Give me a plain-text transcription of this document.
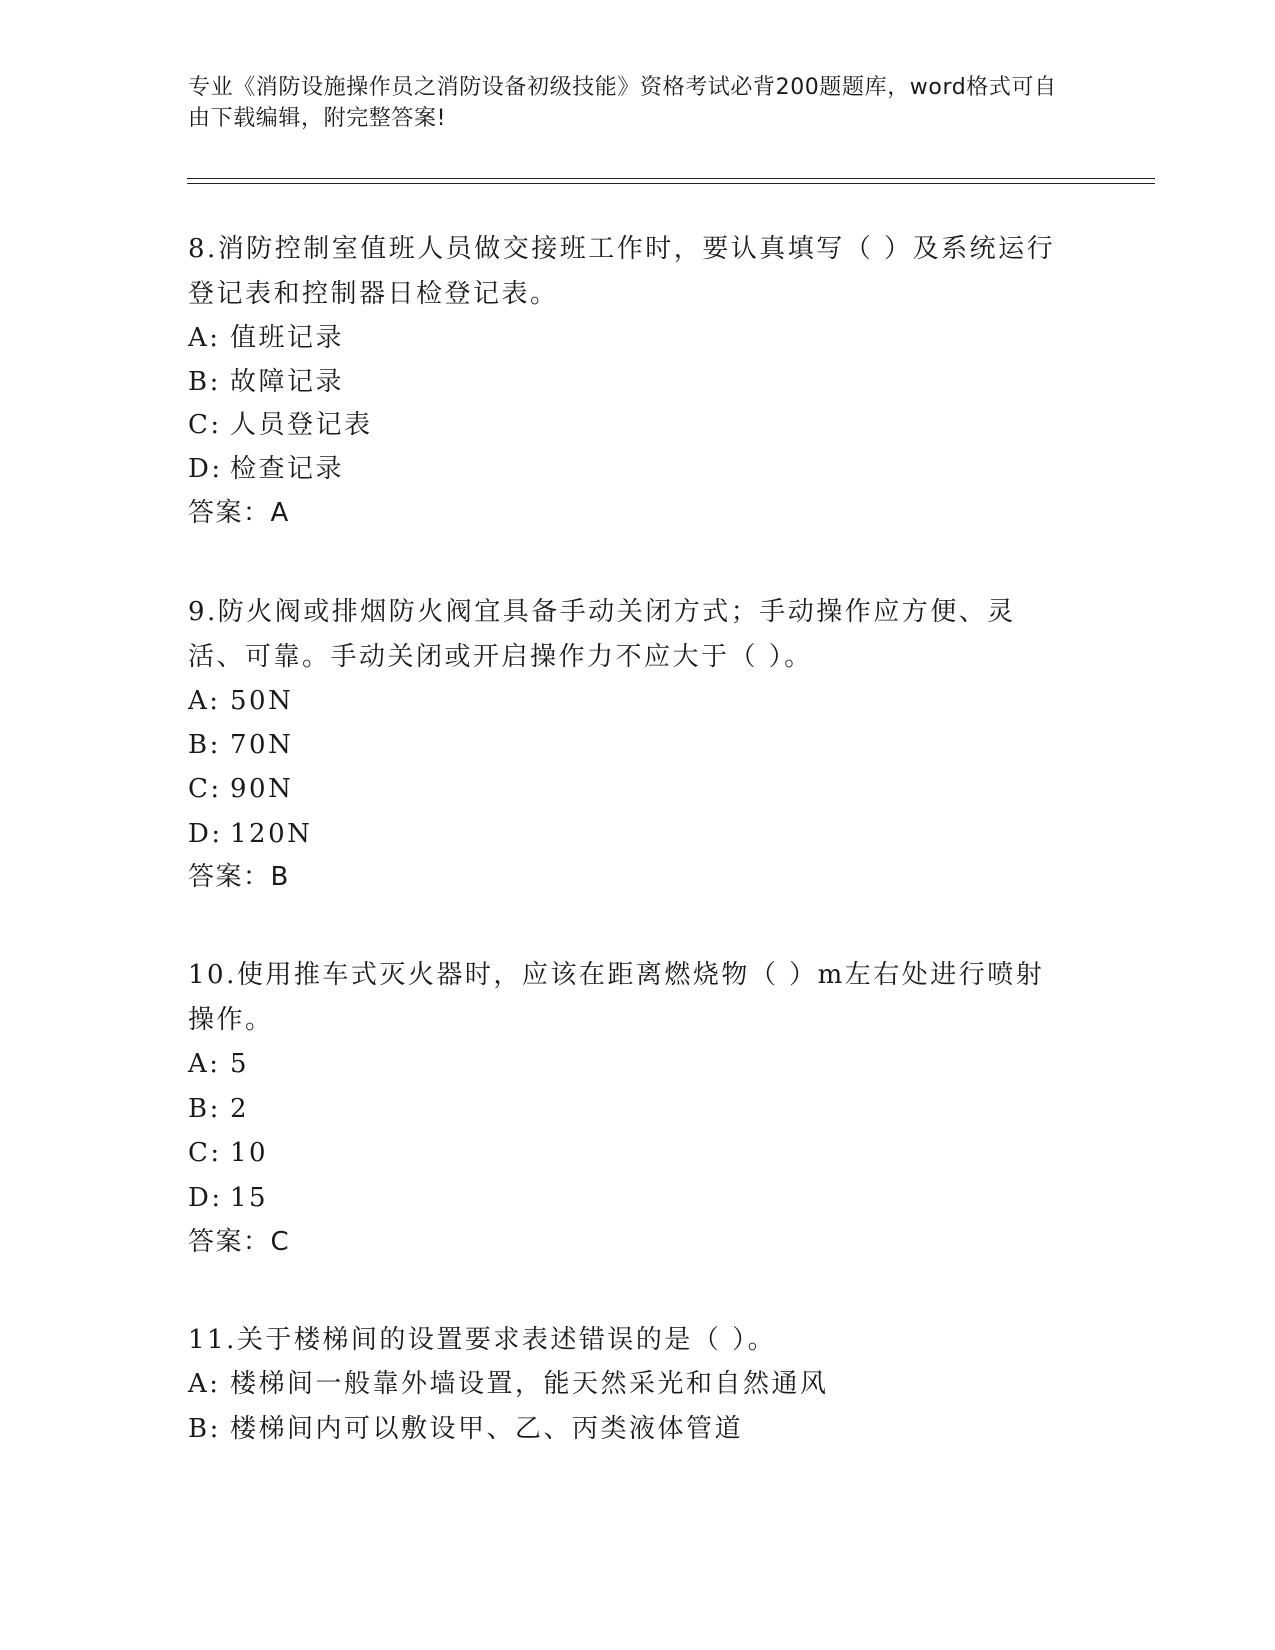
专业《消防设施操作员之消防设备初级技能》资格考试必背200题题库，word格式可自由下载编辑，附完整答案!
8.消防控制室值班人员做交接班工作时，要认真填写（ ）及系统运行登记表和控制器日检登记表。
A: 值班记录
B: 故障记录
C: 人员登记表
D: 检查记录
答案：A
9.防火阀或排烟防火阀宜具备手动关闭方式；手动操作应方便、灵活、可靠。手动关闭或开启操作力不应大于（ ）。
A: 50N
B: 70N
C: 90N
D: 120N
答案：B
10.使用推车式灭火器时，应该在距离燃烧物（ ）m左右处进行喷射操作。
A: 5
B: 2
C: 10
D: 15
答案：C
11.关于楼梯间的设置要求表述错误的是（ ）。
A: 楼梯间一般靠外墙设置，能天然采光和自然通风
B: 楼梯间内可以敷设甲、乙、丙类液体管道
